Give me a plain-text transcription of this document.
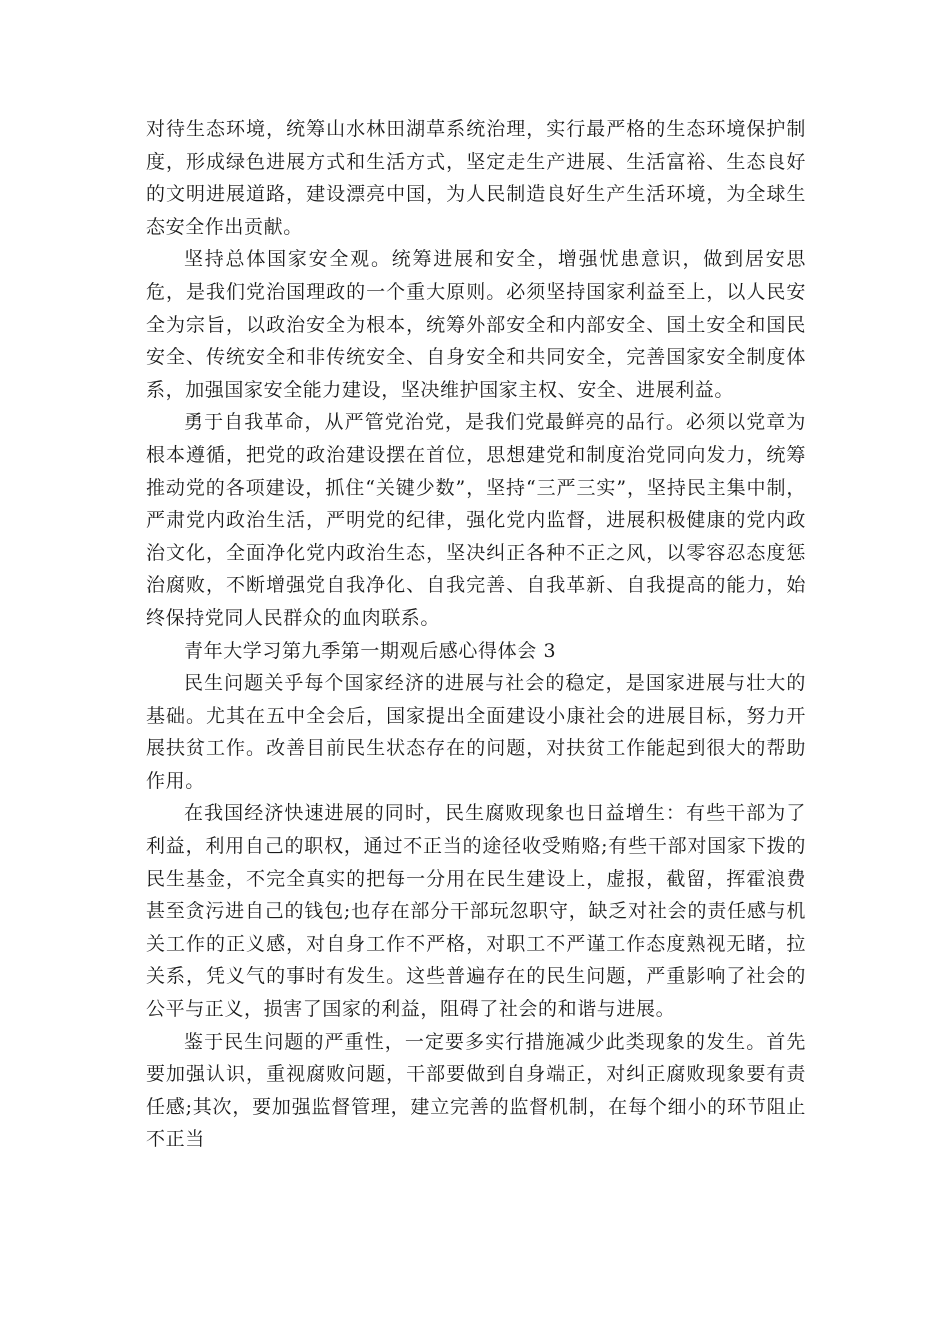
对待生态环境，统筹山水林田湖草系统治理，实行最严格的生态环境保护制度，形成绿色进展方式和生活方式，坚定走生产进展、生活富裕、生态良好的文明进展道路，建设漂亮中国，为人民制造良好生产生活环境，为全球生态安全作出贡献。

坚持总体国家安全观。统筹进展和安全，增强忧患意识，做到居安思危，是我们党治国理政的一个重大原则。必须坚持国家利益至上，以人民安全为宗旨，以政治安全为根本，统筹外部安全和内部安全、国土安全和国民安全、传统安全和非传统安全、自身安全和共同安全，完善国家安全制度体系，加强国家安全能力建设，坚决维护国家主权、安全、进展利益。

勇于自我革命，从严管党治党，是我们党最鲜亮的品行。必须以党章为根本遵循，把党的政治建设摆在首位，思想建党和制度治党同向发力，统筹推动党的各项建设，抓住“关键少数”，坚持“三严三实”，坚持民主集中制，严肃党内政治生活，严明党的纪律，强化党内监督，进展积极健康的党内政治文化，全面净化党内政治生态，坚决纠正各种不正之风，以零容忍态度惩治腐败，不断增强党自我净化、自我完善、自我革新、自我提高的能力，始终保持党同人民群众的血肉联系。

青年大学习第九季第一期观后感心得体会 3

民生问题关乎每个国家经济的进展与社会的稳定，是国家进展与壮大的基础。尤其在五中全会后，国家提出全面建设小康社会的进展目标，努力开展扶贫工作。改善目前民生状态存在的问题，对扶贫工作能起到很大的帮助作用。

在我国经济快速进展的同时，民生腐败现象也日益增生：有些干部为了利益，利用自己的职权，通过不正当的途径收受贿赂;有些干部对国家下拨的民生基金，不完全真实的把每一分用在民生建设上，虚报，截留，挥霍浪费甚至贪污进自己的钱包;也存在部分干部玩忽职守，缺乏对社会的责任感与机关工作的正义感，对自身工作不严格，对职工不严谨工作态度熟视无睹，拉关系，凭义气的事时有发生。这些普遍存在的民生问题，严重影响了社会的公平与正义，损害了国家的利益，阻碍了社会的和谐与进展。

鉴于民生问题的严重性，一定要多实行措施减少此类现象的发生。首先要加强认识，重视腐败问题，干部要做到自身端正，对纠正腐败现象要有责任感;其次，要加强监督管理，建立完善的监督机制，在每个细小的环节阻止不正当
